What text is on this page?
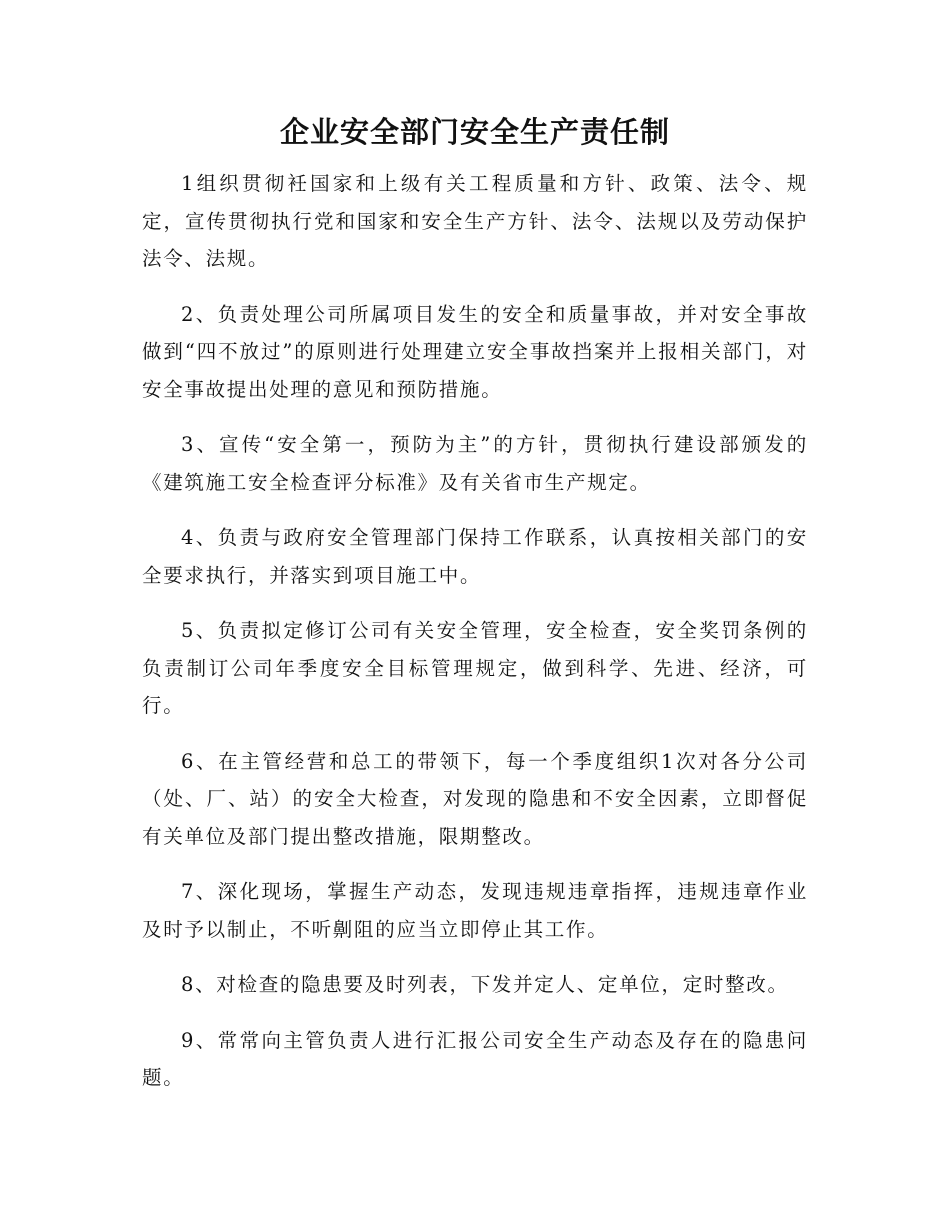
企业安全部门安全生产责任制

1组织贯彻衽国家和上级有关工程质量和方针、政策、法令、规定，宣传贯彻执行党和国家和安全生产方针、法令、法规以及劳动保护法令、法规。

2、负责处理公司所属项目发生的安全和质量事故，并对安全事故做到“四不放过”的原则进行处理建立安全事故挡案并上报相关部门，对安全事故提出处理的意见和预防措施。

3、宣传“安全第一，预防为主”的方针，贯彻执行建设部颁发的《建筑施工安全检查评分标准》及有关省市生产规定。

4、负责与政府安全管理部门保持工作联系，认真按相关部门的安全要求执行，并落实到项目施工中。

5、负责拟定修订公司有关安全管理，安全检查，安全奖罚条例的负责制订公司年季度安全目标管理规定，做到科学、先进、经济，可行。

6、在主管经营和总工的带领下，每一个季度组织1次对各分公司（处、厂、站）的安全大检查，对发现的隐患和不安全因素，立即督促有关单位及部门提出整改措施，限期整改。

7、深化现场，掌握生产动态，发现违规违章指挥，违规违章作业及时予以制止，不听劓阻的应当立即停止其工作。

8、对检查的隐患要及时列表，下发并定人、定单位，定时整改。

9、常常向主管负责人进行汇报公司安全生产动态及存在的隐患问题。
